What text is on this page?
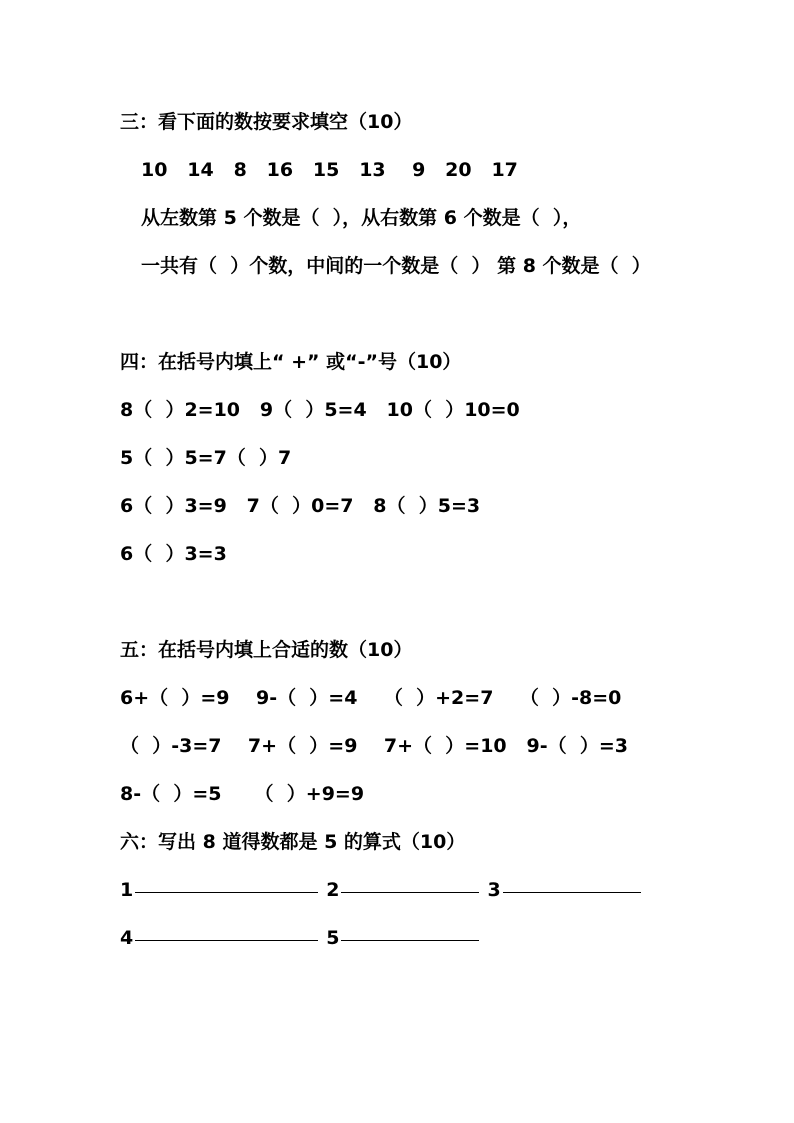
三：看下面的数按要求填空（10）
10   14   8   16   15   13    9   20   17
从左数第 5 个数是（  ），从右数第 6 个数是（  ），
一共有（  ）个数，中间的一个数是（  ） 第 8 个数是（  ）
四：在括号内填上“ +” 或“-”号（10）
8（  ）2=10   9（  ）5=4   10（  ）10=0
5（  ）5=7（  ）7
6（  ）3=9   7（  ）0=7   8（  ）5=3
6（  ）3=3
五：在括号内填上合适的数（10）
6+（  ）=9    9-（  ）=4    （  ）+2=7    （  ）-8=0
（  ）-3=7    7+（  ）=9    7+（  ）=10   9-（  ）=3
8-（  ）=5     （  ）+9=9
六：写出 8 道得数都是 5 的算式（10）
1	2	3
4	5
